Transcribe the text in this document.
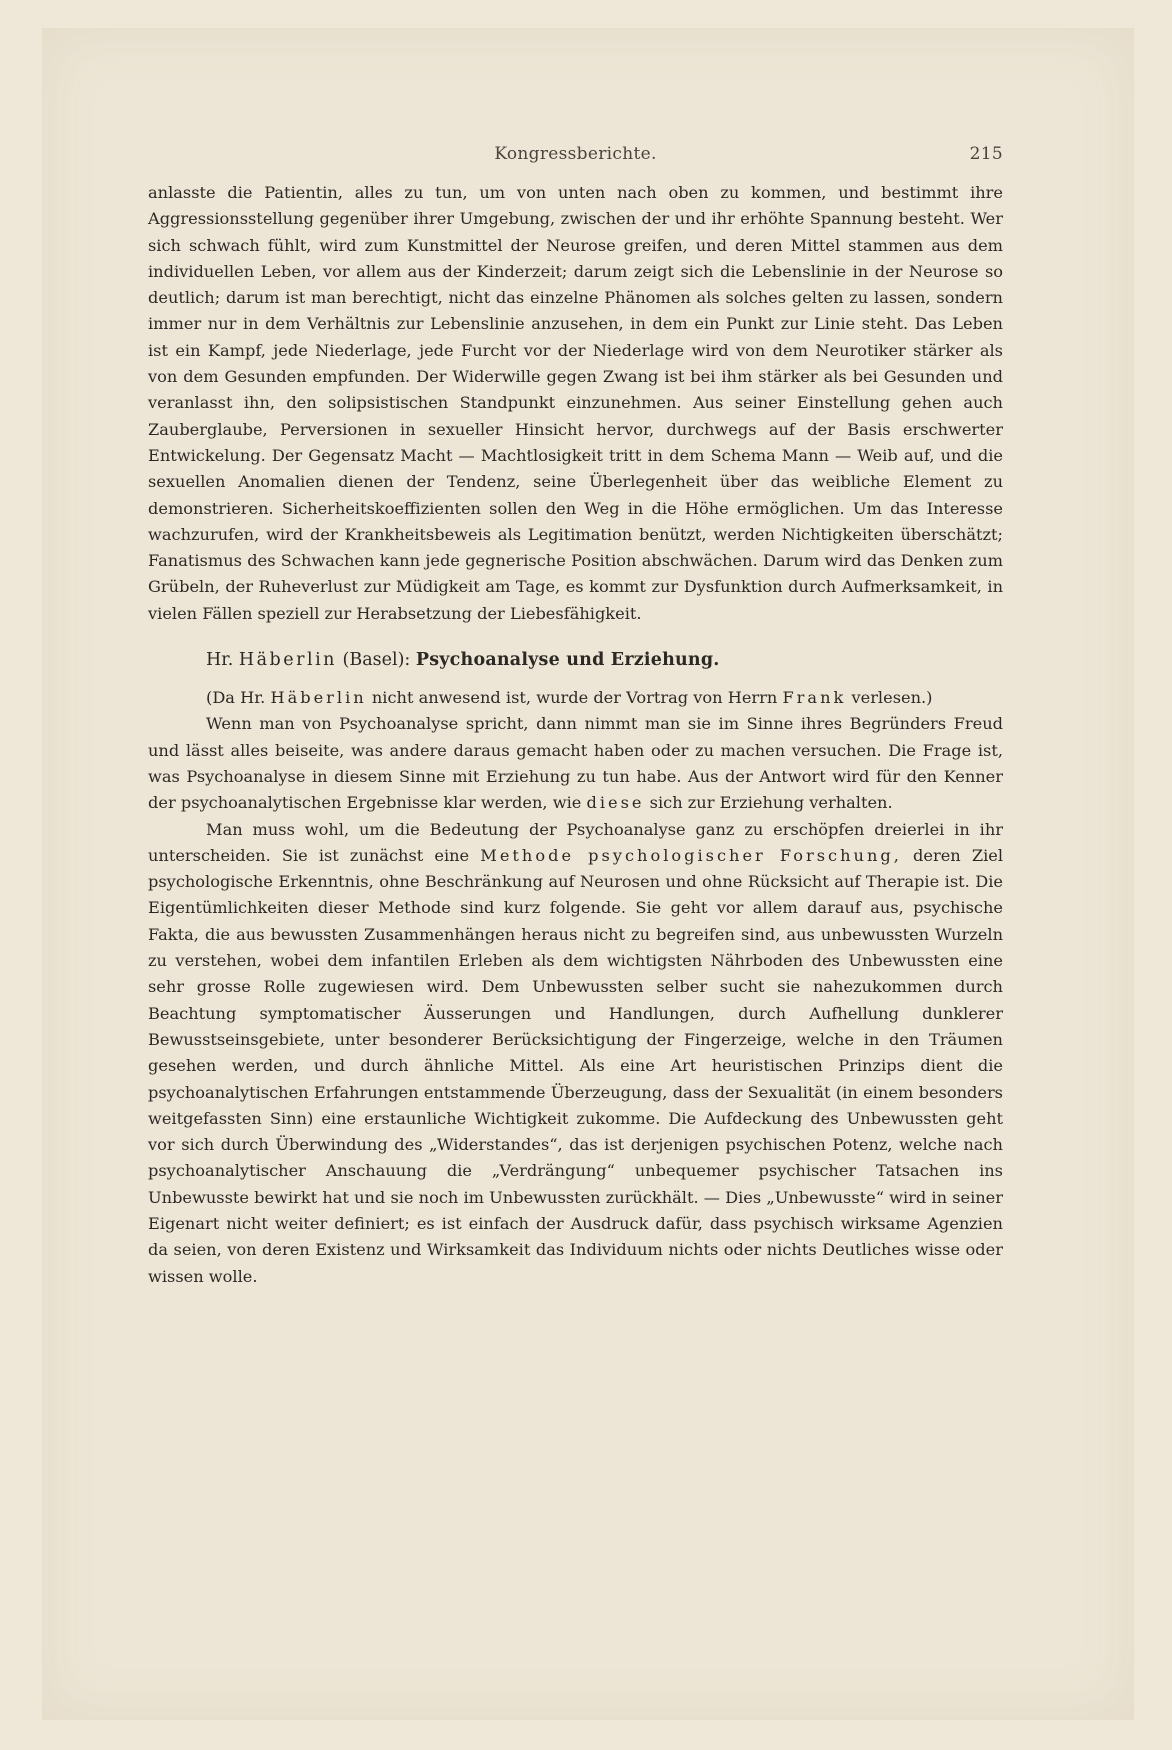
Kongressberichte.	215

anlasste die Patientin, alles zu tun, um von unten nach oben zu kommen, und bestimmt ihre Aggressionsstellung gegenüber ihrer Umgebung, zwischen der und ihr erhöhte Spannung besteht. Wer sich schwach fühlt, wird zum Kunstmittel der Neurose greifen, und deren Mittel stammen aus dem individuellen Leben, vor allem aus der Kinderzeit; darum zeigt sich die Lebenslinie in der Neurose so deutlich; darum ist man berechtigt, nicht das einzelne Phänomen als solches gelten zu lassen, sondern immer nur in dem Verhältnis zur Lebenslinie anzusehen, in dem ein Punkt zur Linie steht. Das Leben ist ein Kampf, jede Niederlage, jede Furcht vor der Niederlage wird von dem Neurotiker stärker als von dem Gesunden empfunden. Der Widerwille gegen Zwang ist bei ihm stärker als bei Gesunden und veranlasst ihn, den solipsistischen Standpunkt einzunehmen. Aus seiner Einstellung gehen auch Zauberglaube, Perversionen in sexueller Hinsicht hervor, durchwegs auf der Basis erschwerter Entwickelung. Der Gegensatz Macht — Machtlosigkeit tritt in dem Schema Mann — Weib auf, und die sexuellen Anomalien dienen der Tendenz, seine Überlegenheit über das weibliche Element zu demonstrieren. Sicherheitskoeffizienten sollen den Weg in die Höhe ermöglichen. Um das Interesse wachzurufen, wird der Krankheitsbeweis als Legitimation benützt, werden Nichtigkeiten überschätzt; Fanatismus des Schwachen kann jede gegnerische Position abschwächen. Darum wird das Denken zum Grübeln, der Ruheverlust zur Müdigkeit am Tage, es kommt zur Dysfunktion durch Aufmerksamkeit, in vielen Fällen speziell zur Herabsetzung der Liebesfähigkeit.

Hr. Häberlin (Basel): Psychoanalyse und Erziehung.

(Da Hr. Häberlin nicht anwesend ist, wurde der Vortrag von Herrn Frank verlesen.)

Wenn man von Psychoanalyse spricht, dann nimmt man sie im Sinne ihres Begründers Freud und lässt alles beiseite, was andere daraus gemacht haben oder zu machen versuchen. Die Frage ist, was Psychoanalyse in diesem Sinne mit Erziehung zu tun habe. Aus der Antwort wird für den Kenner der psychoanalytischen Ergebnisse klar werden, wie diese sich zur Erziehung verhalten.

Man muss wohl, um die Bedeutung der Psychoanalyse ganz zu erschöpfen dreierlei in ihr unterscheiden. Sie ist zunächst eine Methode psychologischer Forschung, deren Ziel psychologische Erkenntnis, ohne Beschränkung auf Neurosen und ohne Rücksicht auf Therapie ist. Die Eigentümlichkeiten dieser Methode sind kurz folgende. Sie geht vor allem darauf aus, psychische Fakta, die aus bewussten Zusammenhängen heraus nicht zu begreifen sind, aus unbewussten Wurzeln zu verstehen, wobei dem infantilen Erleben als dem wichtigsten Nährboden des Unbewussten eine sehr grosse Rolle zugewiesen wird. Dem Unbewussten selber sucht sie nahezukommen durch Beachtung symptomatischer Äusserungen und Handlungen, durch Aufhellung dunklerer Bewusstseinsgebiete, unter besonderer Berücksichtigung der Fingerzeige, welche in den Träumen gesehen werden, und durch ähnliche Mittel. Als eine Art heuristischen Prinzips dient die psychoanalytischen Erfahrungen entstammende Überzeugung, dass der Sexualität (in einem besonders weitgefassten Sinn) eine erstaunliche Wichtigkeit zukomme. Die Aufdeckung des Unbewussten geht vor sich durch Überwindung des „Widerstandes“, das ist derjenigen psychischen Potenz, welche nach psychoanalytischer Anschauung die „Verdrängung“ unbequemer psychischer Tatsachen ins Unbewusste bewirkt hat und sie noch im Unbewussten zurückhält. — Dies „Unbewusste“ wird in seiner Eigenart nicht weiter definiert; es ist einfach der Ausdruck dafür, dass psychisch wirksame Agenzien da seien, von deren Existenz und Wirksamkeit das Individuum nichts oder nichts Deutliches wisse oder wissen wolle.
